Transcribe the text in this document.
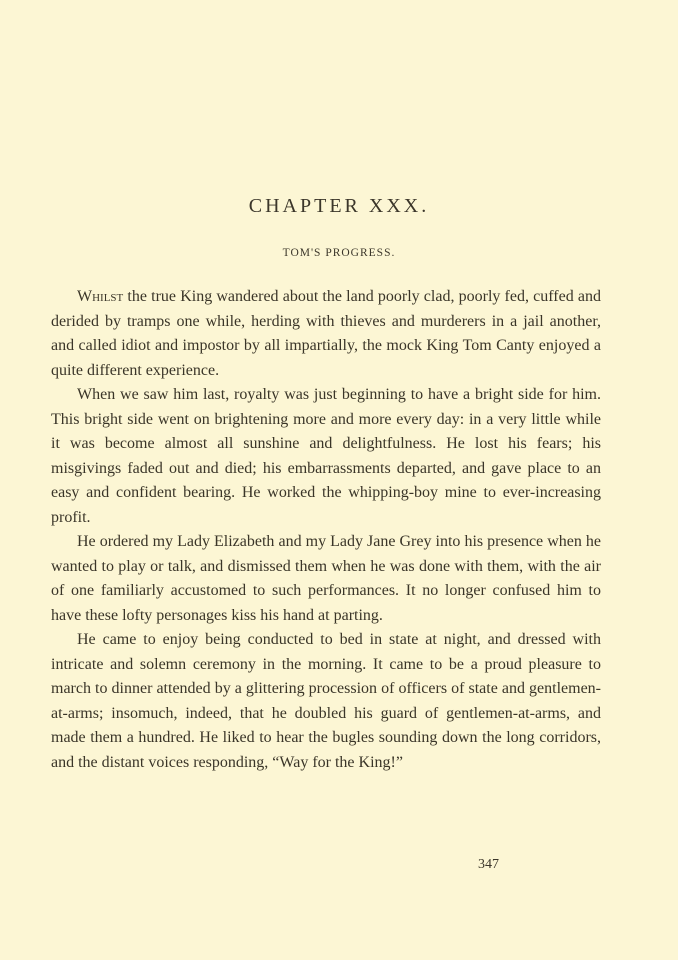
CHAPTER XXX.
TOM'S PROGRESS.

Whilst the true King wandered about the land poorly clad, poorly fed, cuffed and derided by tramps one while, herding with thieves and murderers in a jail another, and called idiot and impostor by all impartially, the mock King Tom Canty enjoyed a quite different experience.

When we saw him last, royalty was just beginning to have a bright side for him. This bright side went on brightening more and more every day: in a very little while it was become almost all sunshine and delightfulness. He lost his fears; his misgivings faded out and died; his embarrassments departed, and gave place to an easy and confident bearing. He worked the whipping-boy mine to ever-increasing profit.

He ordered my Lady Elizabeth and my Lady Jane Grey into his presence when he wanted to play or talk, and dismissed them when he was done with them, with the air of one familiarly accustomed to such performances. It no longer confused him to have these lofty personages kiss his hand at parting.

He came to enjoy being conducted to bed in state at night, and dressed with intricate and solemn ceremony in the morning. It came to be a proud pleasure to march to dinner attended by a glittering procession of officers of state and gentlemen-at-arms; insomuch, indeed, that he doubled his guard of gentlemen-at-arms, and made them a hundred. He liked to hear the bugles sounding down the long corridors, and the distant voices responding, “Way for the King!”

347
